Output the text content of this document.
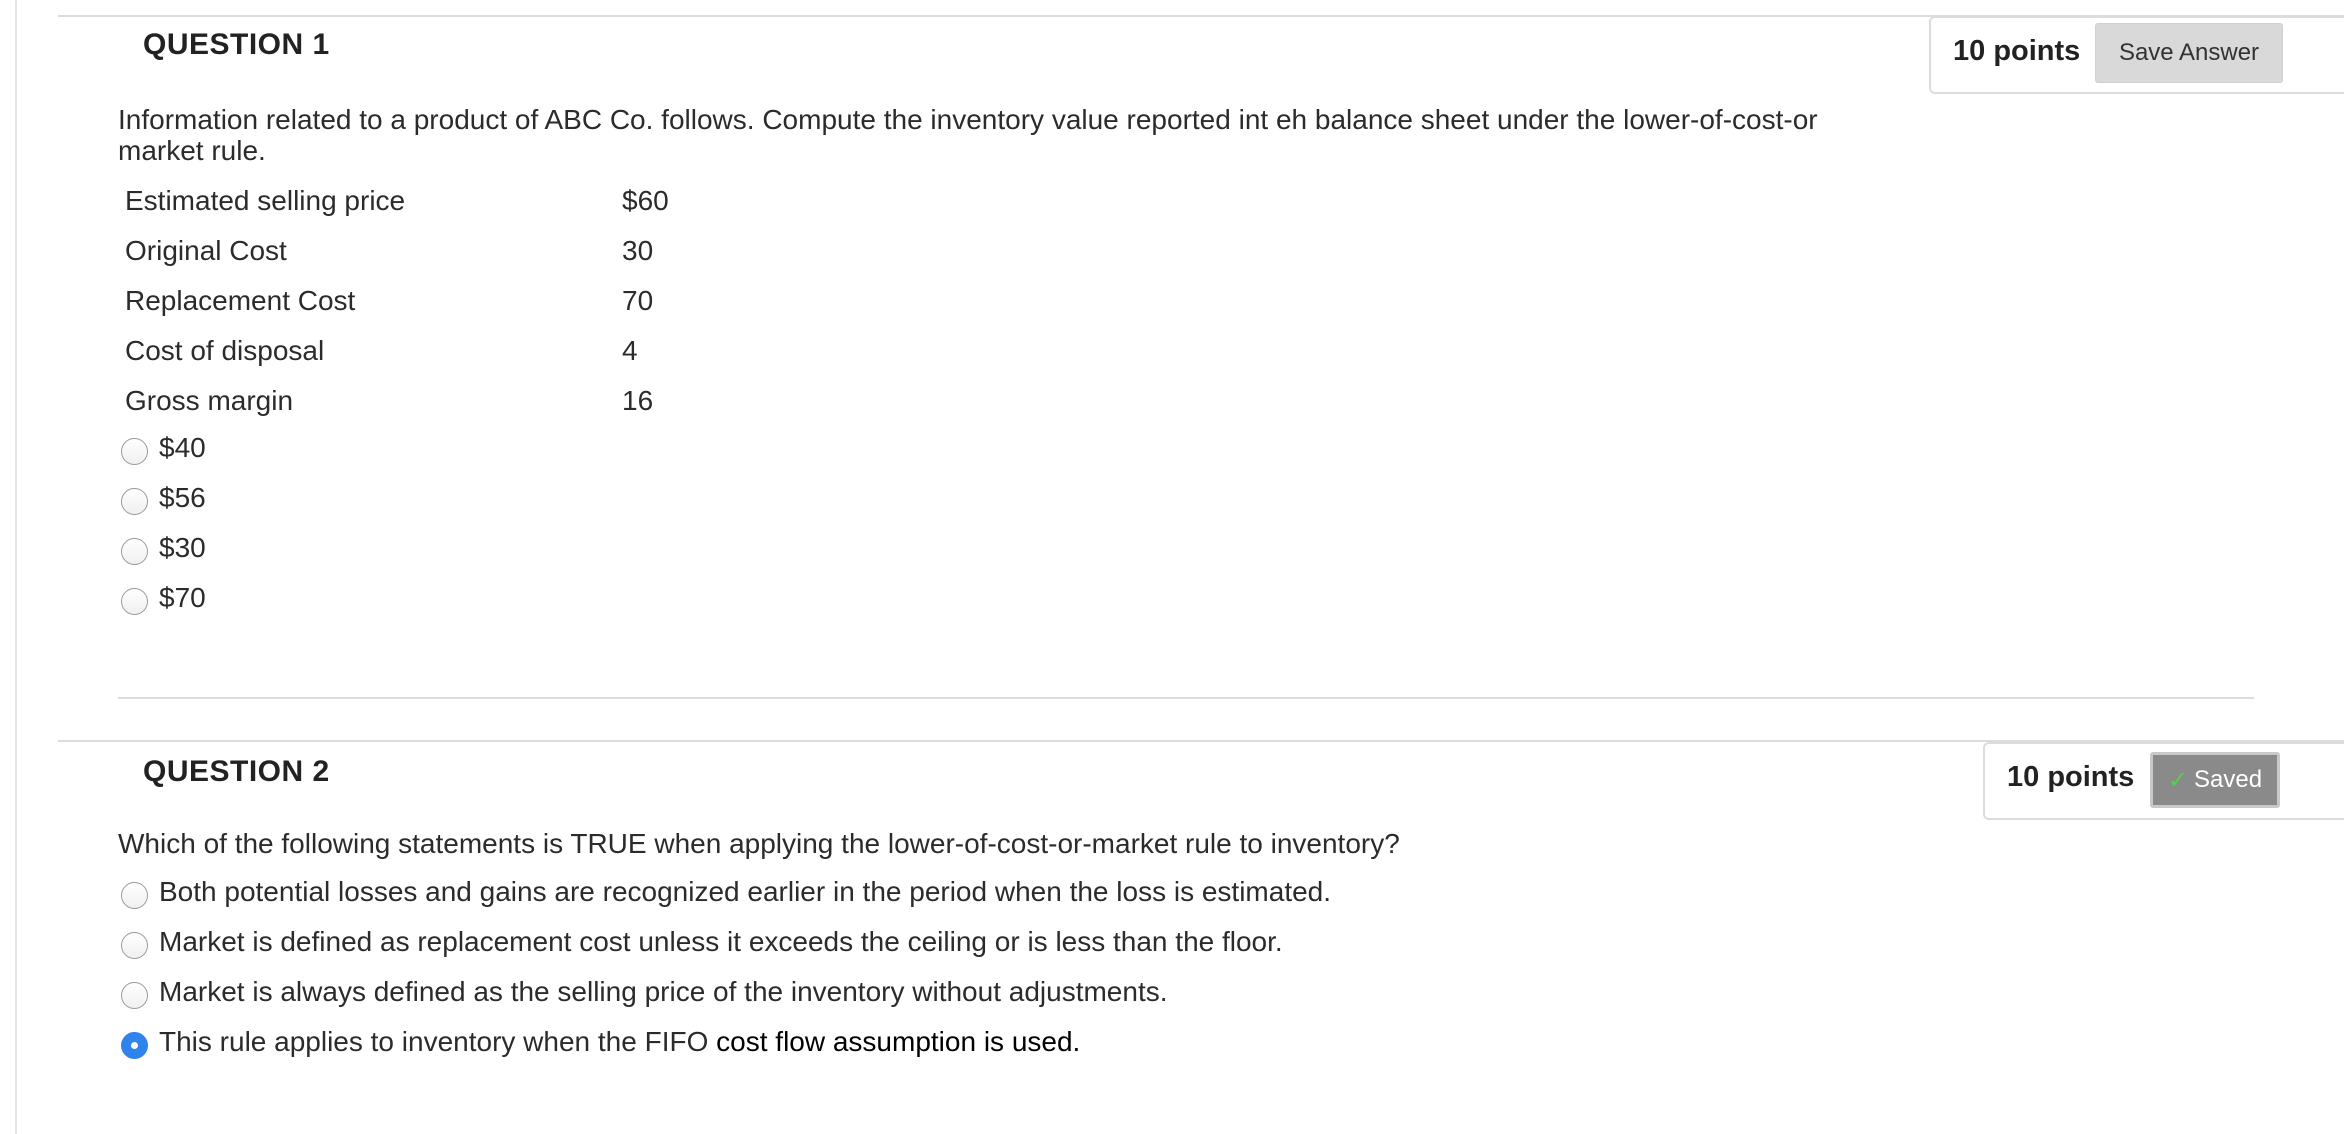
QUESTION 1	10 points	Save Answer
Information related to a product of ABC Co. follows. Compute the inventory value reported int eh balance sheet under the lower-of-cost-or market rule.
Estimated selling price	$60
Original Cost	30
Replacement Cost	70
Cost of disposal	4
Gross margin	16
$40
$56
$30
$70
QUESTION 2	10 points ✓ Saved
Which of the following statements is TRUE when applying the lower-of-cost-or-market rule to inventory?
Both potential losses and gains are recognized earlier in the period when the loss is estimated.
Market is defined as replacement cost unless it exceeds the ceiling or is less than the floor.
Market is always defined as the selling price of the inventory without adjustments.
This rule applies to inventory when the FIFO cost flow assumption is used.
